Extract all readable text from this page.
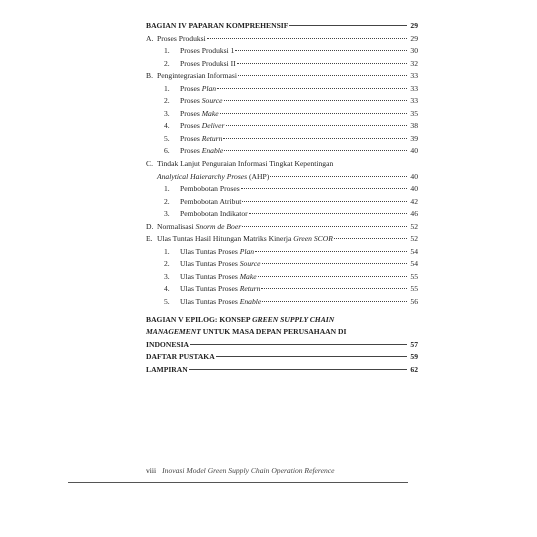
BAGIAN IV PAPARAN KOMPREHENSIF	29
A. Proses Produksi	29
1. Proses Produksi 1	30
2. Proses Produksi II	32
B. Pengintegrasian Informasi	33
1. Proses Plan	33
2. Proses Source	33
3. Proses Make	35
4. Proses Deliver	38
5. Proses Return	39
6. Proses Enable	40
C. Tindak Lanjut Penguraian Informasi Tingkat Kepentingan
Analytical Haierarchy Proses (AHP)	40
1. Pembobotan Proses	40
2. Pembobotan Atribut	42
3. Pembobotan Indikator	46
D. Normalisasi Snorm de Boer	52
E. Ulas Tuntas Hasil Hitungan Matriks Kinerja Green SCOR	52
1. Ulas Tuntas Proses Plan	54
2. Ulas Tuntas Proses Source	54
3. Ulas Tuntas Proses Make	55
4. Ulas Tuntas Proses Return	55
5. Ulas Tuntas Proses Enable	56
BAGIAN V EPILOG: KONSEP GREEN SUPPLY CHAIN
MANAGEMENT UNTUK MASA DEPAN PERUSAHAAN DI
INDONESIA	57
DAFTAR PUSTAKA	59
LAMPIRAN	62
viii Inovasi Model Green Supply Chain Operation Reference
